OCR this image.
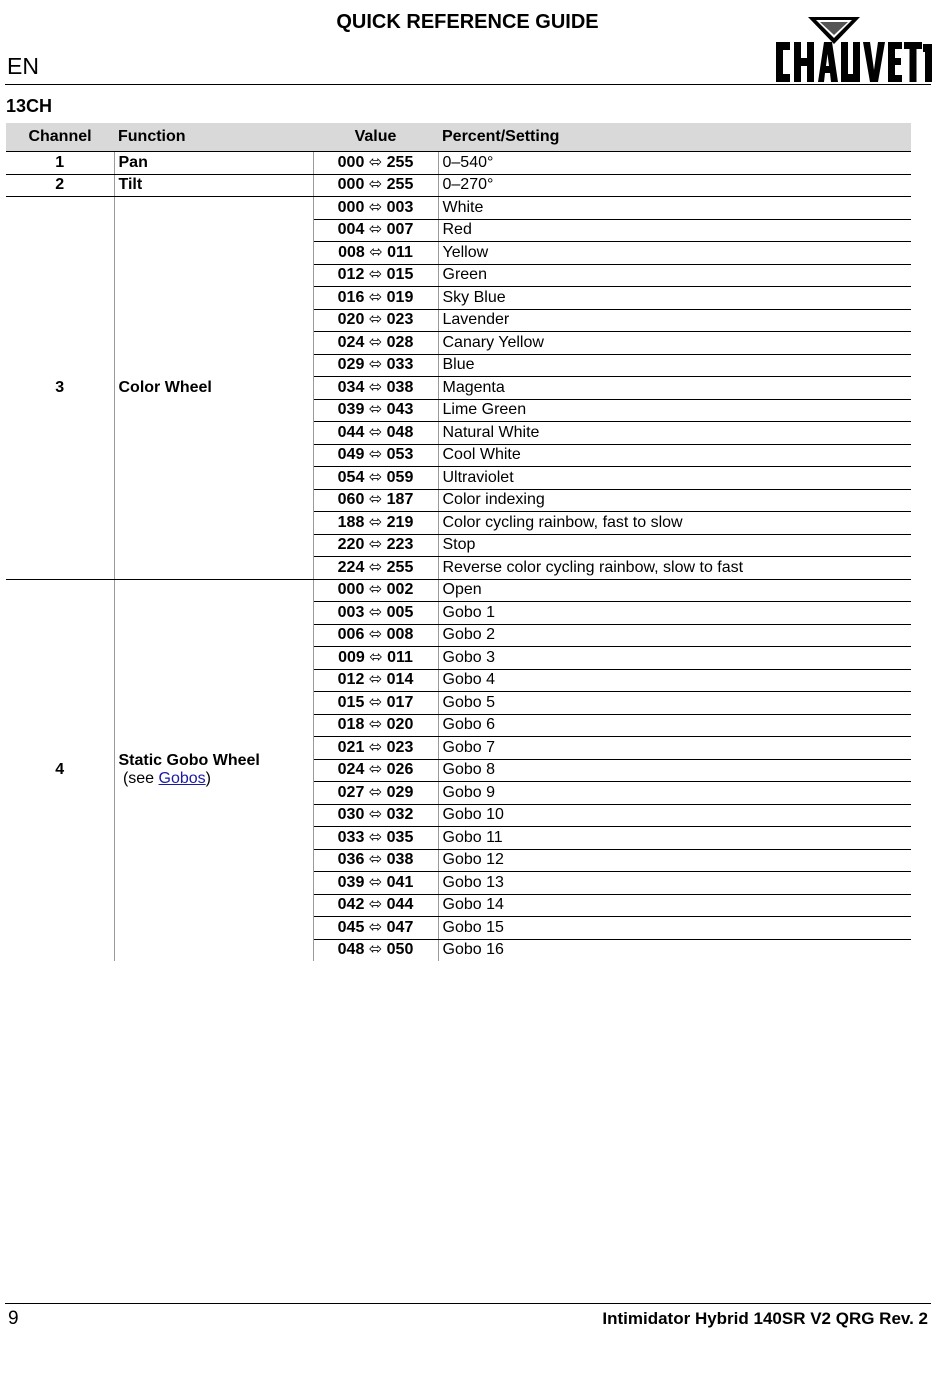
QUICK REFERENCE GUIDE
EN
13CH
Channel	Function	Value	Percent/Setting
1	Pan	000 ⬄ 255	0–540°
2	Tilt	000 ⬄ 255	0–270°
3	Color Wheel	000 ⬄ 003	White
		004 ⬄ 007	Red
		008 ⬄ 011	Yellow
		012 ⬄ 015	Green
		016 ⬄ 019	Sky Blue
		020 ⬄ 023	Lavender
		024 ⬄ 028	Canary Yellow
		029 ⬄ 033	Blue
		034 ⬄ 038	Magenta
		039 ⬄ 043	Lime Green
		044 ⬄ 048	Natural White
		049 ⬄ 053	Cool White
		054 ⬄ 059	Ultraviolet
		060 ⬄ 187	Color indexing
		188 ⬄ 219	Color cycling rainbow, fast to slow
		220 ⬄ 223	Stop
		224 ⬄ 255	Reverse color cycling rainbow, slow to fast
4	Static Gobo Wheel (see Gobos)	000 ⬄ 002	Open
		003 ⬄ 005	Gobo 1
		006 ⬄ 008	Gobo 2
		009 ⬄ 011	Gobo 3
		012 ⬄ 014	Gobo 4
		015 ⬄ 017	Gobo 5
		018 ⬄ 020	Gobo 6
		021 ⬄ 023	Gobo 7
		024 ⬄ 026	Gobo 8
		027 ⬄ 029	Gobo 9
		030 ⬄ 032	Gobo 10
		033 ⬄ 035	Gobo 11
		036 ⬄ 038	Gobo 12
		039 ⬄ 041	Gobo 13
		042 ⬄ 044	Gobo 14
		045 ⬄ 047	Gobo 15
		048 ⬄ 050	Gobo 16
9	Intimidator Hybrid 140SR V2 QRG Rev. 2
